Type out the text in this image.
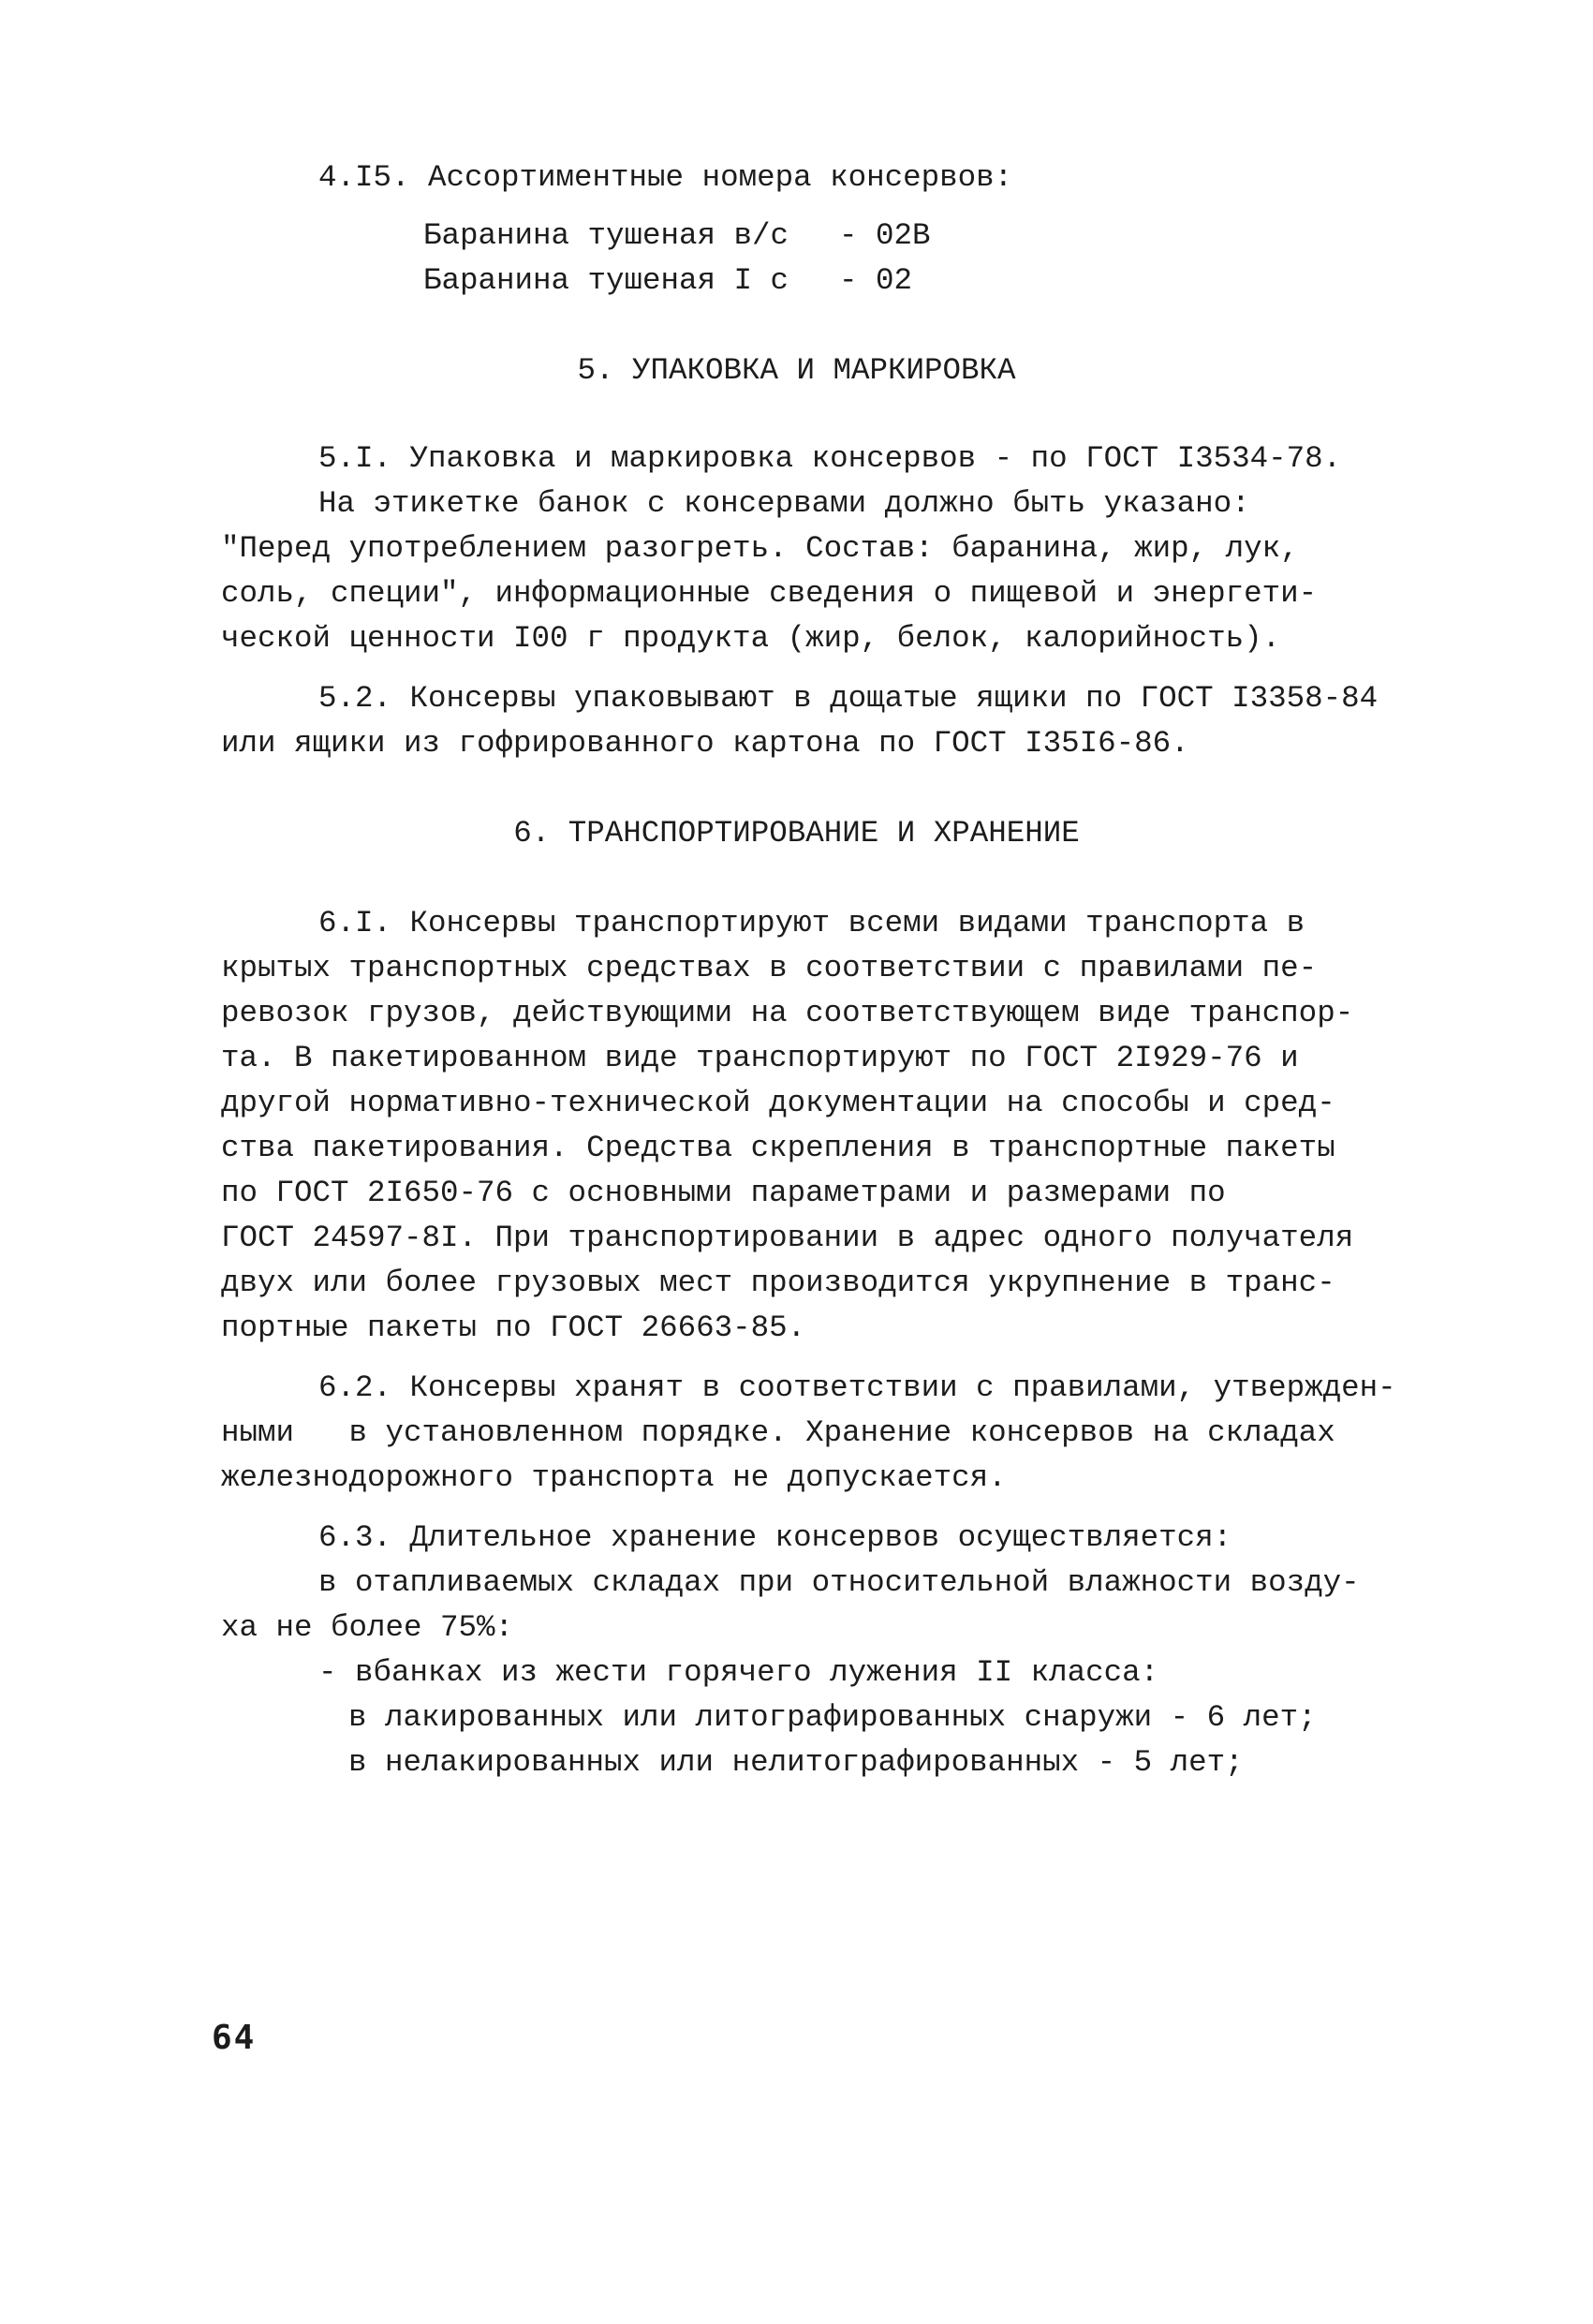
4.I5. Ассортиментные номера консервов:

Баранина тушеная в/с - 02В

Баранина тушеная I с - 02

5. УПАКОВКА И МАРКИРОВКА

5.I. Упаковка и маркировка консервов - по ГОСТ I3534-78.

На этикетке банок с консервами должно быть указано:

"Перед употреблением разогреть. Состав: баранина, жир, лук,

соль, специи", информационные сведения о пищевой и энергети-

ческой ценности I00 г продукта (жир, белок, калорийность).

5.2. Консервы упаковывают в дощатые ящики по ГОСТ I3358-84

или ящики из гофрированного картона по ГОСТ I35I6-86.

6. ТРАНСПОРТИРОВАНИЕ И ХРАНЕНИЕ

6.I. Консервы транспортируют всеми видами транспорта в

крытых транспортных средствах в соответствии с правилами пе-

ревозок грузов, действующими на соответствующем виде транспор-

та. В пакетированном виде транспортируют по ГОСТ 2I929-76 и

другой нормативно-технической документации на способы и сред-

ства пакетирования. Средства скрепления в транспортные пакеты

по ГОСТ 2I650-76 с основными параметрами и размерами по

ГОСТ 24597-8I. При транспортировании в адрес одного получателя

двух или более грузовых мест производится укрупнение в транс-

портные пакеты по ГОСТ 26663-85.

6.2. Консервы хранят в соответствии с правилами, утвержден-

ными   в установленном порядке. Хранение консервов на складах

железнодорожного транспорта не допускается.

6.3. Длительное хранение консервов осуществляется:

в отапливаемых складах при относительной влажности возду-

ха не более 75%:

- вбанках из жести горячего лужения II класса:

в лакированных или литографированных снаружи - 6 лет;

в нелакированных или нелитографированных - 5 лет;

64
